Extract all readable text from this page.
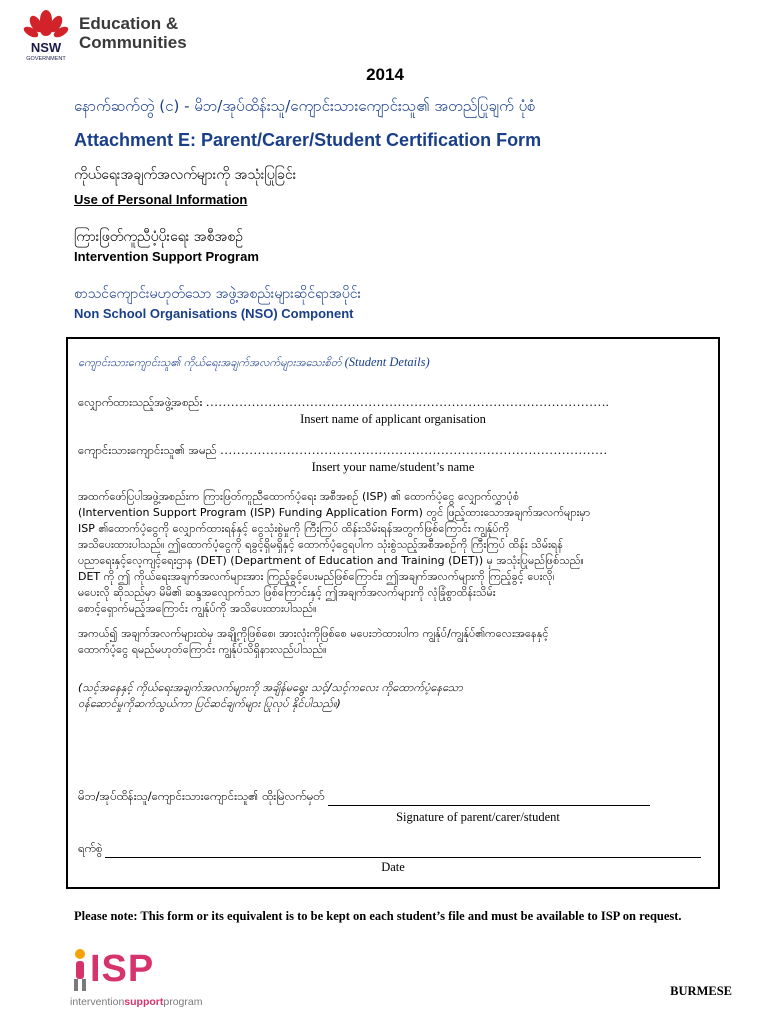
NSW
GOVERNMENT
Education &
Communities
2014
နောက်ဆက်တွဲ (င) - မိဘ/အုပ်ထိန်းသူ/ကျောင်းသားကျောင်းသူ၏ အတည်ပြုချက် ပုံစံ
Attachment E: Parent/Carer/Student Certification Form
ကိုယ်ရေးအချက်အလက်များကို အသုံးပြုခြင်း
Use of Personal Information
ကြားဖြတ်ကူညီပံ့ပိုးရေး အစီအစဉ်
Intervention Support Program
စာသင်ကျောင်းမဟုတ်သော အဖွဲ့အစည်းများဆိုင်ရာအပိုင်း
Non School Organisations (NSO) Component
ကျောင်းသားကျောင်းသူ၏ ကိုယ်ရေးအချက်အလက်များအသေးစိတ် (Student Details)
လျှောက်ထားသည့်အဖွဲ့အစည်း …………………………………………………………………………………….
Insert name of applicant organisation
ကျောင်းသားကျောင်းသူ၏ အမည် …………………………………………………………………………………
Insert your name/student’s name

အထက်ဖော်ပြပါအဖွဲ့အစည်းက ကြားဖြတ်ကူညီထောက်ပံ့ရေး အစီအစဉ် (ISP) ၏ ထောက်ပံ့ငွေ လျှောက်လွှာပုံစံ

(Intervention Support Program (ISP) Funding Application Form) တွင် ဖြည့်ထားသောအချက်အလက်များမှာ

ISP ၏ထောက်ပံ့ငွေကို လျှောက်ထားရန်နှင့် ငွေသုံးစွဲမှုကို ကြီးကြပ် ထိန်းသိမ်းရန်အတွက်ဖြစ်ကြောင်း ကျွန်ုပ်ကို

အသိပေးထားပါသည်။ ဤထောက်ပံ့ငွေကို ရခွင့်ရှိမရှိနှင့် ထောက်ပံ့ငွေရပါက သုံးစွဲသည့်အစီအစဉ်ကို ကြီးကြပ် ထိန်း သိမ်းရန်

ပညာရေးနှင့်လေ့ကျင့်ရေးဌာန (DET) (Department of Education and Training (DET)) မှ အသုံးပြုမည်ဖြစ်သည်။

DET ကို ဤ ကိုယ်ရေးအချက်အလက်များအား ကြည့်ခွင့်ပေးမည်ဖြစ်ကြောင်း၊ ဤအချက်အလက်များကို ကြည့်ခွင့် ပေးလို၊

မပေးလို ဆိုသည်မှာ မိမိ၏ ဆန္ဒအလျောက်သာ ဖြစ်ကြောင်းနှင့် ဤအချက်အလက်များကို လုံခြုံစွာထိန်းသိမ်း

စောင့်ရှောက်မည့်အကြောင်း ကျွန်ုပ်ကို အသိပေးထားပါသည်။

အကယ်၍ အချက်အလက်များထဲမှ အချို့ကိုဖြစ်စေ၊ အားလုံးကိုဖြစ်စေ မပေးဘဲထားပါက ကျွန်ုပ်/ကျွန်ုပ်၏ကလေးအနေနှင့်

ထောက်ပံ့ငွေ ရမည်မဟုတ်ကြောင်း ကျွန်ုပ်သိရှိနားလည်ပါသည်။

(သင့်အနေနှင့် ကိုယ်ရေးအချက်အလက်များကို အချိန်မရွေး သင့်/သင့်ကလေး ကိုထောက်ပံ့နေသော

ဝန်ဆောင်မှုကိုဆက်သွယ်ကာ ပြင်ဆင်ချက်များ ပြုလုပ် နိုင်ပါသည်။)

မိဘ/အုပ်ထိန်းသူ/ကျောင်းသားကျောင်းသူ၏ ထိုးမြဲလက်မှတ်
Signature of parent/carer/student
ရက်စွဲ
Date
Please note: This form or its equivalent is to be kept on each student’s file and must be available to ISP on request.
ISP
interventionsupportprogram
BURMESE
